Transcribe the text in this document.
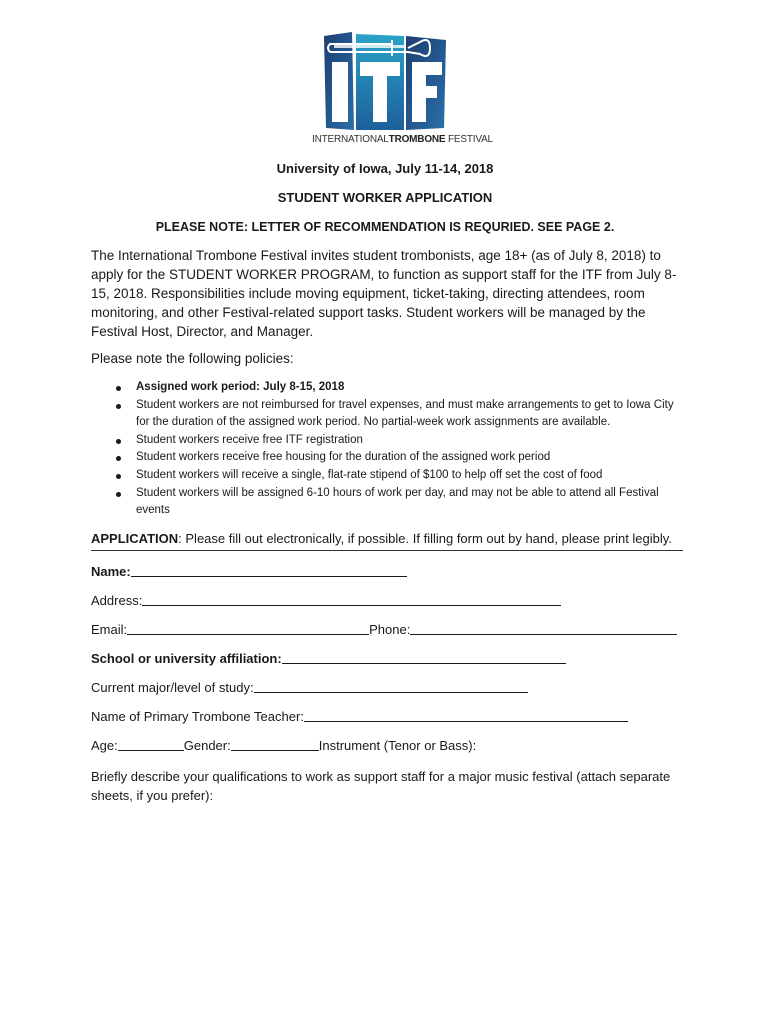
INTERNATIONALTROMBONE FESTIVAL
University of Iowa, July 11-14, 2018
STUDENT WORKER APPLICATION
PLEASE NOTE: LETTER OF RECOMMENDATION IS REQURIED. SEE PAGE 2.
The International Trombone Festival invites student trombonists, age 18+ (as of July 8, 2018) to apply for the STUDENT WORKER PROGRAM, to function as support staff for the ITF from July 8-15, 2018. Responsibilities include moving equipment, ticket-taking, directing attendees, room monitoring, and other Festival-related support tasks. Student workers will be managed by the Festival Host, Director, and Manager.
Please note the following policies:
Assigned work period: July 8-15, 2018
Student workers are not reimbursed for travel expenses, and must make arrangements to get to Iowa City for the duration of the assigned work period. No partial-week work assignments are available.
Student workers receive free ITF registration
Student workers receive free housing for the duration of the assigned work period
Student workers will receive a single, flat-rate stipend of $100 to help off set the cost of food
Student workers will be assigned 6-10 hours of work per day, and may not be able to attend all Festival events
APPLICATION: Please fill out electronically, if possible. If filling form out by hand, please print legibly.
Name:
Address:
Email:	Phone:
School or university affiliation:
Current major/level of study:
Name of Primary Trombone Teacher:
Age:	Gender:	Instrument (Tenor or Bass):
Briefly describe your qualifications to work as support staff for a major music festival (attach separate sheets, if you prefer):
